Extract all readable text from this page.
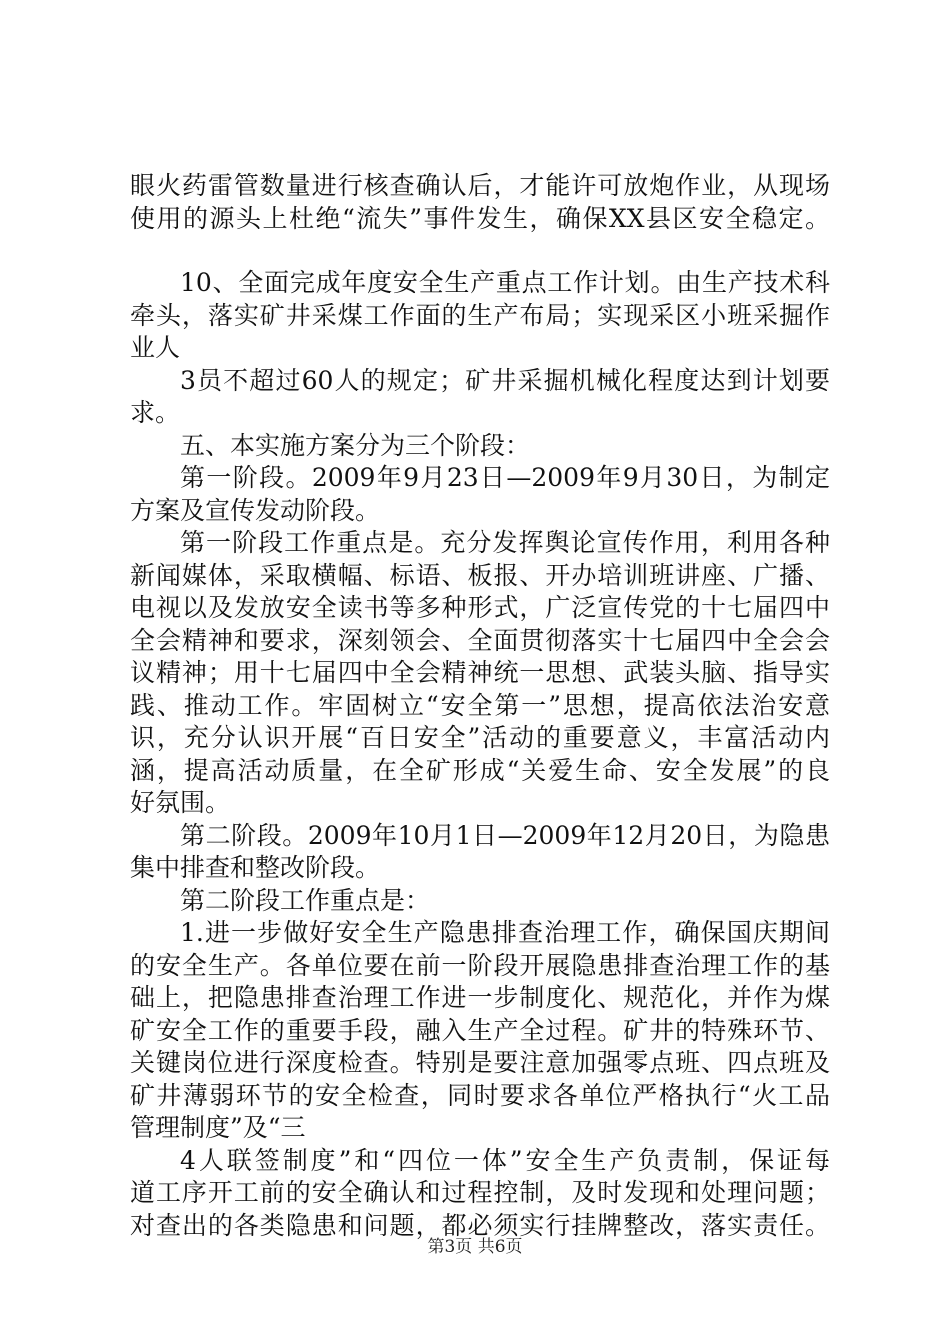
眼火药雷管数量进行核查确认后，才能许可放炮作业，从现场
使用的源头上杜绝“流失”事件发生，确保XX县区安全稳定。
10、全面完成年度安全生产重点工作计划。由生产技术科
牵头，落实矿井采煤工作面的生产布局；实现采区小班采掘作
业人
3员不超过60人的规定；矿井采掘机械化程度达到计划要
求。
五、本实施方案分为三个阶段：
第一阶段。2009年9月23日—2009年9月30日，为制定
方案及宣传发动阶段。
第一阶段工作重点是。充分发挥舆论宣传作用，利用各种
新闻媒体，采取横幅、标语、板报、开办培训班讲座、广播、
电视以及发放安全读书等多种形式，广泛宣传党的十七届四中
全会精神和要求，深刻领会、全面贯彻落实十七届四中全会会
议精神；用十七届四中全会精神统一思想、武装头脑、指导实
践、推动工作。牢固树立“安全第一”思想，提高依法治安意
识，充分认识开展“百日安全”活动的重要意义，丰富活动内
涵，提高活动质量，在全矿形成“关爱生命、安全发展”的良
好氛围。
第二阶段。2009年10月1日—2009年12月20日，为隐患
集中排查和整改阶段。
第二阶段工作重点是：
1.进一步做好安全生产隐患排查治理工作，确保国庆期间
的安全生产。各单位要在前一阶段开展隐患排查治理工作的基
础上，把隐患排查治理工作进一步制度化、规范化，并作为煤
矿安全工作的重要手段，融入生产全过程。矿井的特殊环节、
关键岗位进行深度检查。特别是要注意加强零点班、四点班及
矿井薄弱环节的安全检查，同时要求各单位严格执行“火工品
管理制度”及“三
4人联签制度”和“四位一体”安全生产负责制，保证每
道工序开工前的安全确认和过程控制，及时发现和处理问题；
对查出的各类隐患和问题，都必须实行挂牌整改，落实责任。
第3页 共6页
